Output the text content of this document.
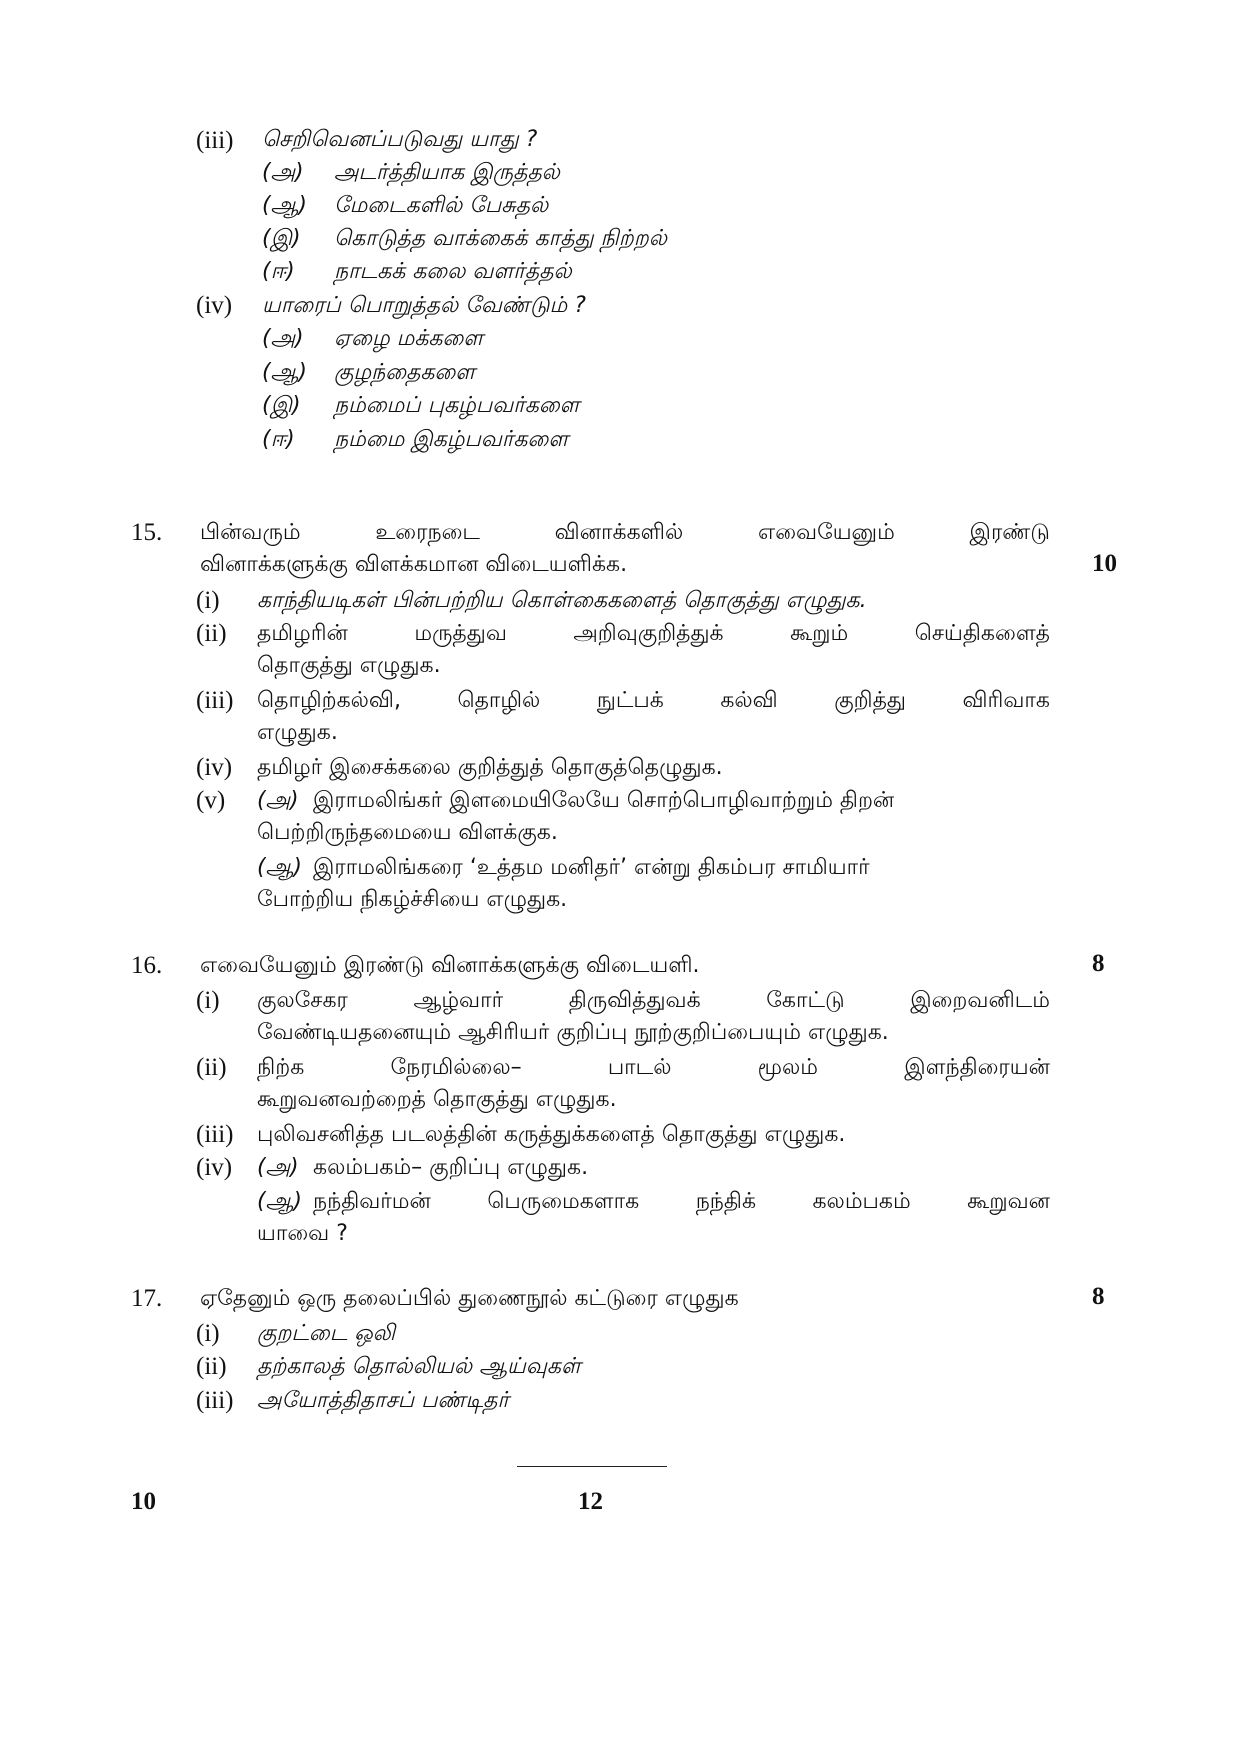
(iii) செறிவெனப்படுவது யாது ?
(அ) அடர்த்தியாக இருத்தல்
(ஆ) மேடைகளில் பேசுதல்
(இ) கொடுத்த வாக்கைக் காத்து நிற்றல்
(ஈ) நாடகக் கலை வளர்த்தல்
(iv) யாரைப் பொறுத்தல் வேண்டும் ?
(அ) ஏழை மக்களை
(ஆ) குழந்தைகளை
(இ) நம்மைப் புகழ்பவர்களை
(ஈ) நம்மை இகழ்பவர்களை
15. பின்வரும்	உரைநடை	வினாக்களில்	எவையேனும்	இரண்டு
வினாக்களுக்கு விளக்கமான விடையளிக்க.	10
(i) காந்தியடிகள் பின்பற்றிய கொள்கைகளைத் தொகுத்து எழுதுக.
(ii) தமிழரின்	மருத்துவ	அறிவுகுறித்துக்	கூறும்	செய்திகளைத்
தொகுத்து எழுதுக.
(iii) தொழிற்கல்வி,	தொழில்	நுட்பக்	கல்வி	குறித்து	விரிவாக
எழுதுக.
(iv) தமிழர் இசைக்கலை குறித்துத் தொகுத்தெழுதுக.
(v) (அ) இராமலிங்கர் இளமையிலேயே சொற்பொழிவாற்றும் திறன்
பெற்றிருந்தமையை விளக்குக.
(ஆ) இராமலிங்கரை ‘உத்தம மனிதர்’ என்று திகம்பர சாமியார்
போற்றிய நிகழ்ச்சியை எழுதுக.
16. எவையேனும் இரண்டு வினாக்களுக்கு விடையளி.	8
(i) குலசேகர	ஆழ்வார்	திருவித்துவக்	கோட்டு	இறைவனிடம்
வேண்டியதனையும் ஆசிரியர் குறிப்பு நூற்குறிப்பையும் எழுதுக.
(ii) நிற்க	நேரமில்லை–	பாடல்	மூலம்	இளந்திரையன்
கூறுவனவற்றைத் தொகுத்து எழுதுக.
(iii) புலிவசனித்த படலத்தின் கருத்துக்களைத் தொகுத்து எழுதுக.
(iv) (அ) கலம்பகம்– குறிப்பு எழுதுக.
(ஆ) நந்திவர்மன்	பெருமைகளாக	நந்திக்	கலம்பகம்	கூறுவன
யாவை ?
17. ஏதேனும் ஒரு தலைப்பில் துணைநூல் கட்டுரை எழுதுக	8
(i) குறட்டை ஒலி
(ii) தற்காலத் தொல்லியல் ஆய்வுகள்
(iii) அயோத்திதாசப் பண்டிதர்
10	12
